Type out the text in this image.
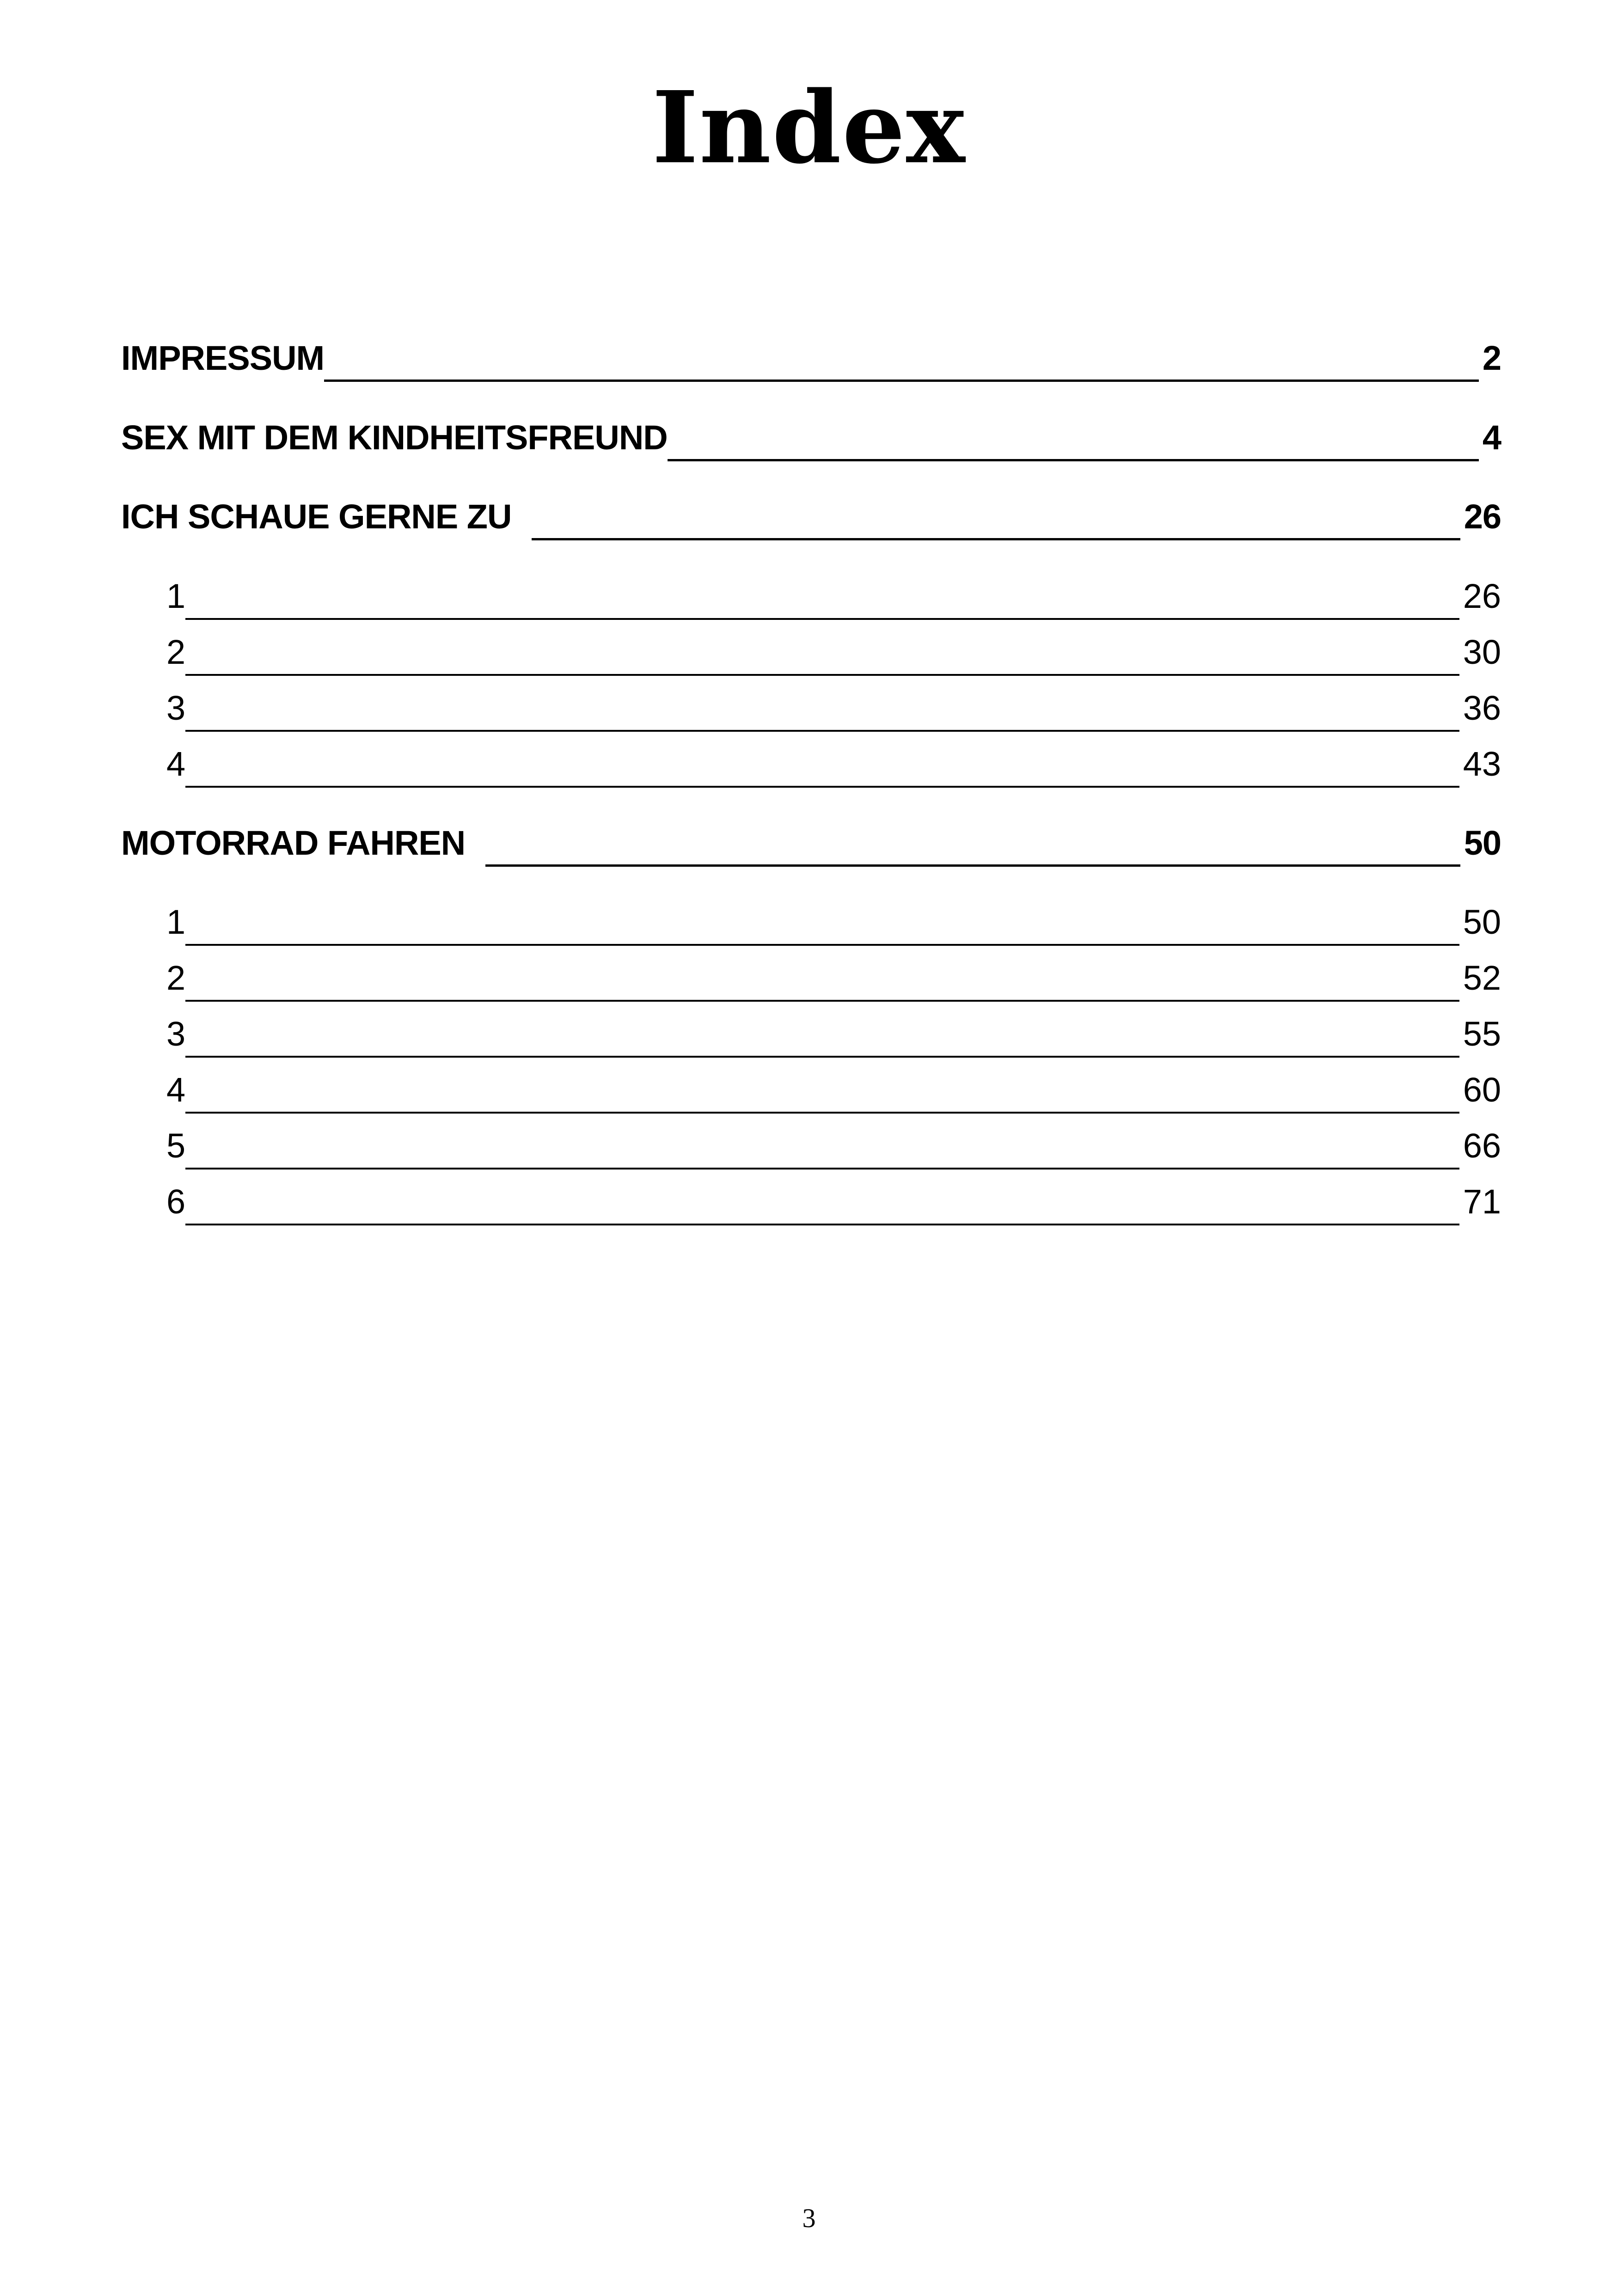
Index
IMPRESSUM	2
SEX MIT DEM KINDHEITSFREUND	4
ICH SCHAUE GERNE ZU	26
1	26
2	30
3	36
4	43
MOTORRAD FAHREN	50
1	50
2	52
3	55
4	60
5	66
6	71
3
